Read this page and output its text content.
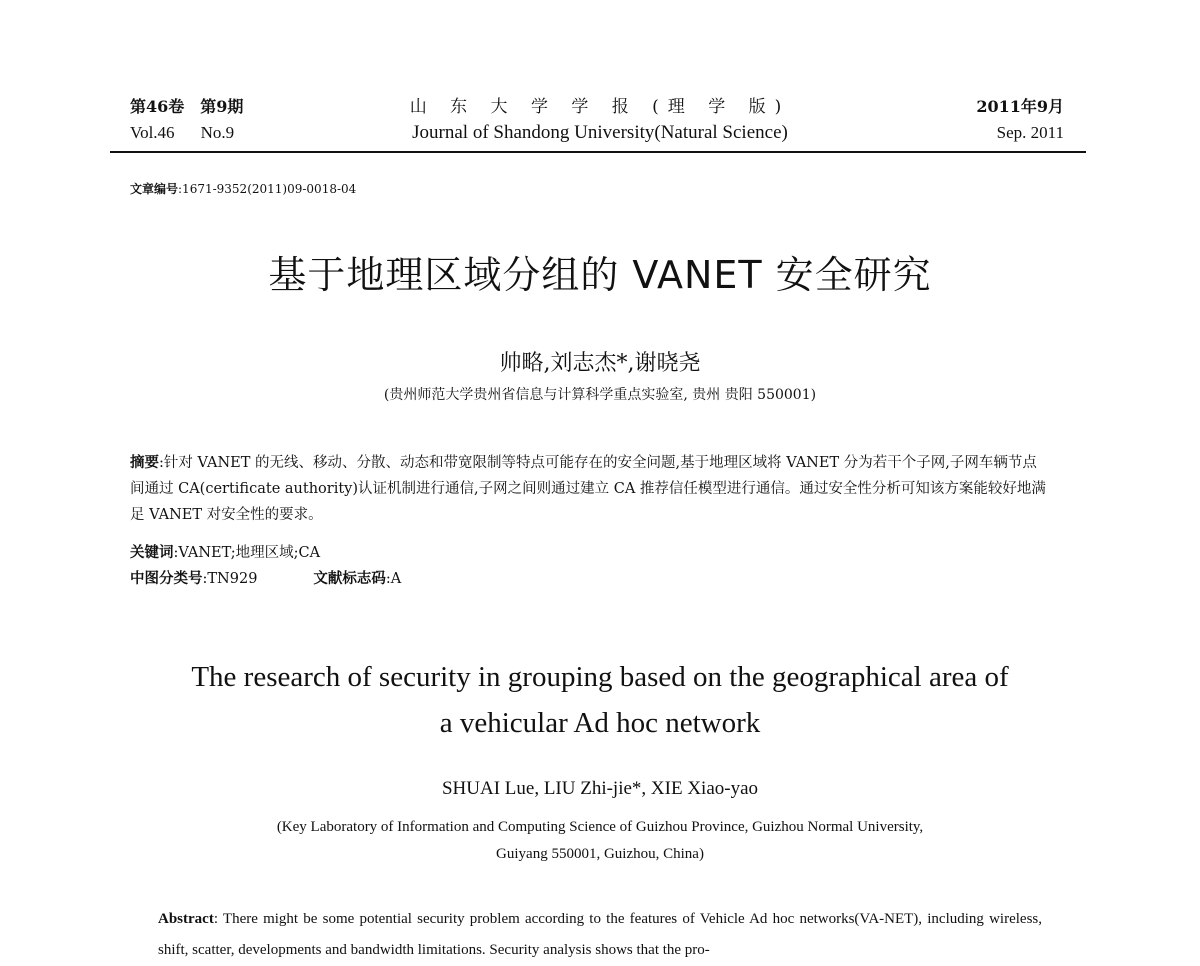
第46卷 第9期
Vol.46 No.9
山 东 大 学 学 报 (理 学 版)
Journal of Shandong University(Natural Science)
2011年9月
Sep. 2011
文章编号:1671-9352(2011)09-0018-04
基于地理区域分组的 VANET 安全研究
帅略,刘志杰*,谢晓尧
(贵州师范大学贵州省信息与计算科学重点实验室, 贵州 贵阳 550001)
摘要:针对 VANET 的无线、移动、分散、动态和带宽限制等特点可能存在的安全问题,基于地理区域将 VANET 分为若干个子网,子网车辆节点间通过 CA(certificate authority)认证机制进行通信,子网之间则通过建立 CA 推荐信任模型进行通信。通过安全性分析可知该方案能较好地满足 VANET 对安全性的要求。
关键词:VANET;地理区域;CA
中图分类号:TN929	文献标志码:A
The research of security in grouping based on the geographical area of
a vehicular Ad hoc network
SHUAI Lue, LIU Zhi-jie*, XIE Xiao-yao
(Key Laboratory of Information and Computing Science of Guizhou Province, Guizhou Normal University,
Guiyang 550001, Guizhou, China)
Abstract: There might be some potential security problem according to the features of Vehicle Ad hoc networks(VA-NET), including wireless, shift, scatter, developments and bandwidth limitations. Security analysis shows that the pro-
